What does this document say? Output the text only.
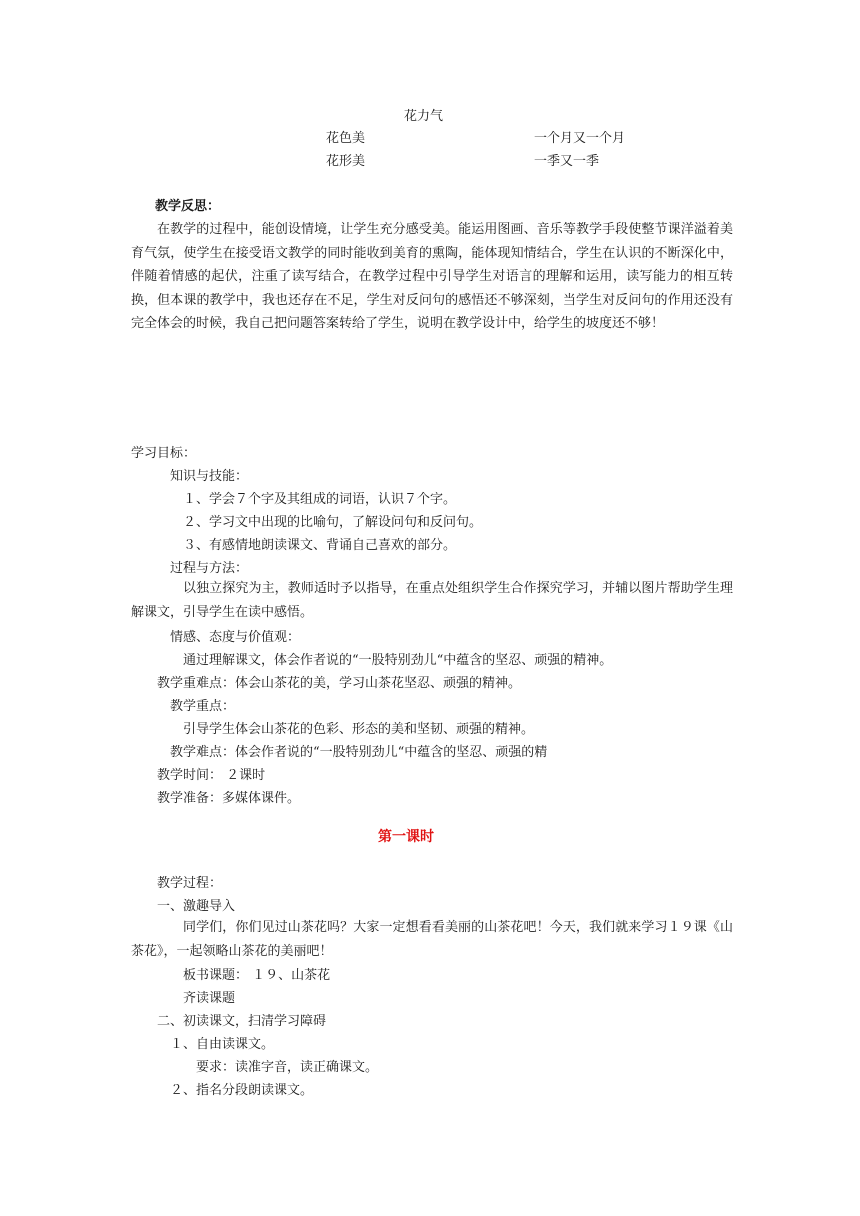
花力气
花色美	一个月又一个月
花形美	一季又一季
教学反思：
在教学的过程中，能创设情境，让学生充分感受美。能运用图画、音乐等教学手段使整节课洋溢着美育气氛，使学生在接受语文教学的同时能收到美育的熏陶，能体现知情结合，学生在认识的不断深化中，伴随着情感的起伏，注重了读写结合，在教学过程中引导学生对语言的理解和运用，读写能力的相互转换，但本课的教学中，我也还存在不足，学生对反问句的感悟还不够深刻，当学生对反问句的作用还没有完全体会的时候，我自己把问题答案转给了学生，说明在教学设计中，给学生的坡度还不够！
学习目标：
知识与技能：
１、学会７个字及其组成的词语，认识７个字。
２、学习文中出现的比喻句，了解设问句和反问句。
３、有感情地朗读课文、背诵自己喜欢的部分。
过程与方法：
以独立探究为主，教师适时予以指导，在重点处组织学生合作探究学习，并辅以图片帮助学生理解课文，引导学生在读中感悟。
情感、态度与价值观：
通过理解课文，体会作者说的“一股特别劲儿“中蕴含的坚忍、顽强的精神。
教学重难点：体会山茶花的美，学习山茶花坚忍、顽强的精神。
教学重点：
引导学生体会山茶花的色彩、形态的美和坚韧、顽强的精神。
教学难点：体会作者说的“一股特别劲儿“中蕴含的坚忍、顽强的精
教学时间： ２课时
教学准备：多媒体课件。
第一课时
教学过程：
一、激趣导入
同学们，你们见过山茶花吗？大家一定想看看美丽的山茶花吧！今天，我们就来学习１９课《山茶花》，一起领略山茶花的美丽吧！
板书课题： １９、山茶花
齐读课题
二、初读课文，扫清学习障碍
１、自由读课文。
要求：读准字音，读正确课文。
２、指名分段朗读课文。
